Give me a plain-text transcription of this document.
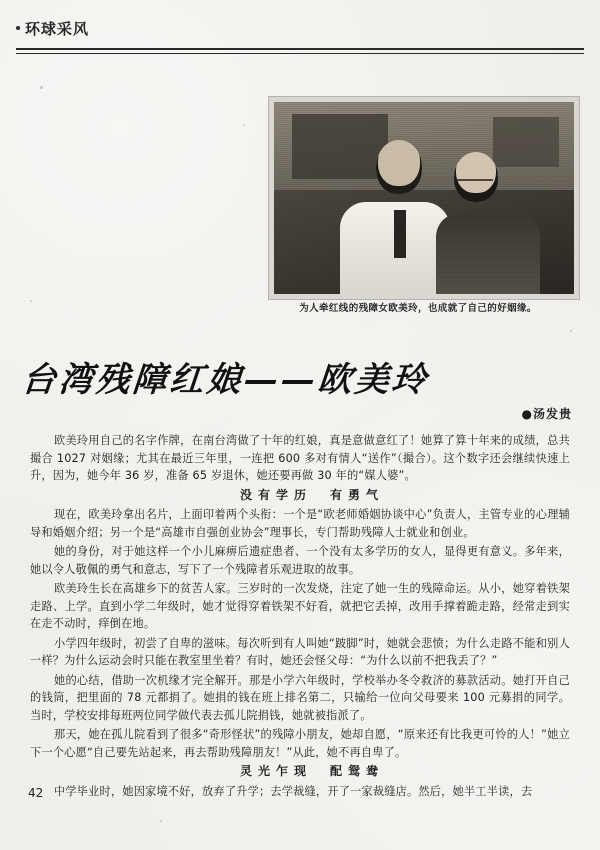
环球采风
为人牵红线的残障女欧美玲，也成就了自己的好姻缘。
台湾残障红娘——欧美玲
●汤发贵

欧美玲用自己的名字作牌，在南台湾做了十年的红娘，真是意做意红了！她算了算十年来的成绩，总共撮合 1027 对姻缘；尤其在最近三年里，一连把 600 多对有情人“送作”（撮合）。这个数字还会继续快速上升，因为，她今年 36 岁，准备 65 岁退休，她还要再做 30 年的“媒人婆”。

没有学历　有勇气

现在，欧美玲拿出名片，上面印着两个头衔：一个是“欧老师婚姻协谈中心”负责人，主管专业的心理辅导和婚姻介绍；另一个是“高雄市自强创业协会”理事长，专门帮助残障人士就业和创业。

她的身份，对于她这样一个小儿麻痹后遗症患者、一个没有太多学历的女人，显得更有意义。多年来，她以令人敬佩的勇气和意志，写下了一个残障者乐观进取的故事。

欧美玲生长在高雄乡下的贫苦人家。三岁时的一次发烧，注定了她一生的残障命运。从小，她穿着铁架走路、上学。直到小学二年级时，她才觉得穿着铁架不好看，就把它丢掉，改用手撑着跪走路，经常走到实在走不动时，痒倒在地。

小学四年级时，初尝了自卑的滋味。每次听到有人叫她“跛脚”时，她就会悲愤；为什么走路不能和别人一样？为什么运动会时只能在教室里坐着？有时，她还会怪父母：“为什么以前不把我丢了？”

她的心结，借助一次机缘才完全解开。那是小学六年级时，学校举办冬令救济的募款活动。她打开自己的钱筒，把里面的 78 元都捐了。她捐的钱在班上排名第二，只输给一位向父母要来 100 元募捐的同学。当时，学校安排每班两位同学做代表去孤儿院捐钱，她就被指派了。

那天，她在孤儿院看到了很多“奇形怪状”的残障小朋友，她却自愿，“原来还有比我更可怜的人！”她立下一个心愿“自己要先站起来，再去帮助残障朋友！”从此，她不再自卑了。

灵光乍现　配鸳鸯

中学毕业时，她因家境不好，放弃了升学；去学裁缝，开了一家裁缝店。然后，她半工半读，去

42
